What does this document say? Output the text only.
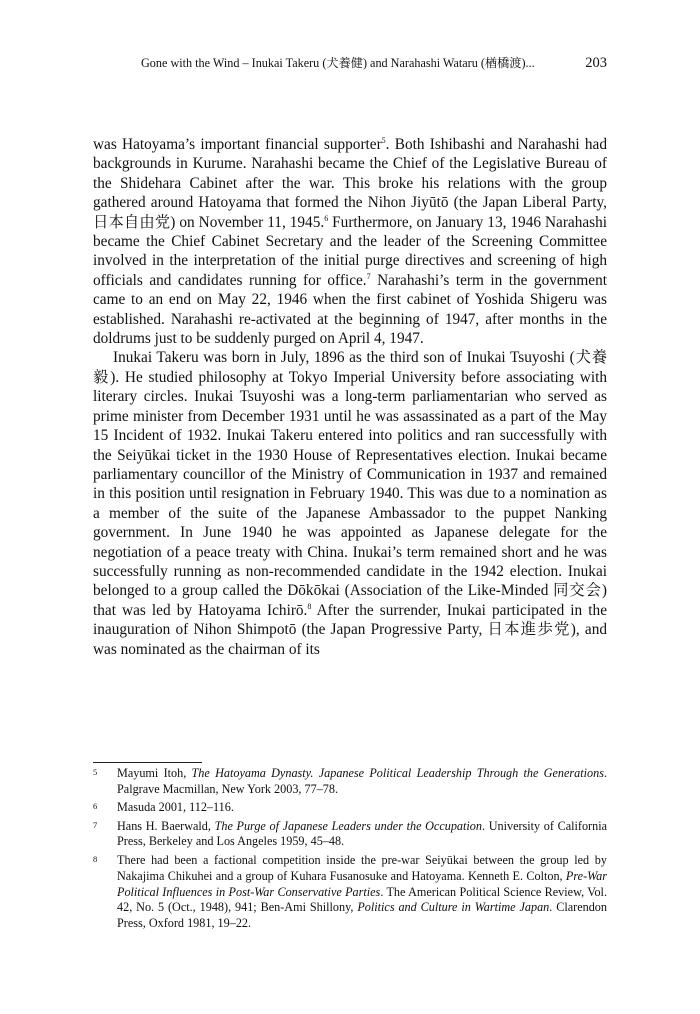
Gone with the Wind – Inukai Takeru (犬養健) and Narahashi Wataru (楢橋渡)...	203

was Hatoyama’s important financial supporter$^5$. Both Ishibashi and Narahashi had backgrounds in Kurume. Narahashi became the Chief of the Legislative Bureau of the Shidehara Cabinet after the war. This broke his relations with the group gathered around Hatoyama that formed the Nihon Jiyūtō (the Japan Liberal Party, 日本自由党) on November 11, 1945.$^6$ Furthermore, on January 13, 1946 Narahashi became the Chief Cabinet Secretary and the leader of the Screening Committee involved in the interpretation of the initial purge directives and screening of high officials and candidates running for office.$^7$ Narahashi’s term in the government came to an end on May 22, 1946 when the first cabinet of Yoshida Shigeru was established. Narahashi re-activated at the beginning of 1947, after months in the doldrums just to be suddenly purged on April 4, 1947.

Inukai Takeru was born in July, 1896 as the third son of Inukai Tsuyoshi (犬養毅). He studied philosophy at Tokyo Imperial University before associating with literary circles. Inukai Tsuyoshi was a long-term parliamentarian who served as prime minister from December 1931 until he was assassinated as a part of the May 15 Incident of 1932. Inukai Takeru entered into politics and ran successfully with the Seiyūkai ticket in the 1930 House of Representatives election. Inukai became parliamentary councillor of the Ministry of Communication in 1937 and remained in this position until resignation in February 1940. This was due to a nomination as a member of the suite of the Japanese Ambassador to the puppet Nanking government. In June 1940 he was appointed as Japanese delegate for the negotiation of a peace treaty with China. Inukai’s term remained short and he was successfully running as non-recommended candidate in the 1942 election. Inukai belonged to a group called the Dōkōkai (Association of the Like-Minded 同交会) that was led by Hatoyama Ichirō.$^8$ After the surrender, Inukai participated in the inauguration of Nihon Shimpotō (the Japan Progressive Party, 日本進歩党), and was nominated as the chairman of its

5	Mayumi Itoh, The Hatoyama Dynasty. Japanese Political Leadership Through the Generations. Palgrave Macmillan, New York 2003, 77–78.
6	Masuda 2001, 112–116.
7	Hans H. Baerwald, The Purge of Japanese Leaders under the Occupation. University of California Press, Berkeley and Los Angeles 1959, 45–48.
8	There had been a factional competition inside the pre-war Seiyūkai between the group led by Nakajima Chikuhei and a group of Kuhara Fusanosuke and Hatoyama. Kenneth E. Colton, Pre-War Political Influences in Post-War Conservative Parties. The American Political Science Review, Vol. 42, No. 5 (Oct., 1948), 941; Ben-Ami Shillony, Politics and Culture in Wartime Japan. Clarendon Press, Oxford 1981, 19–22.
